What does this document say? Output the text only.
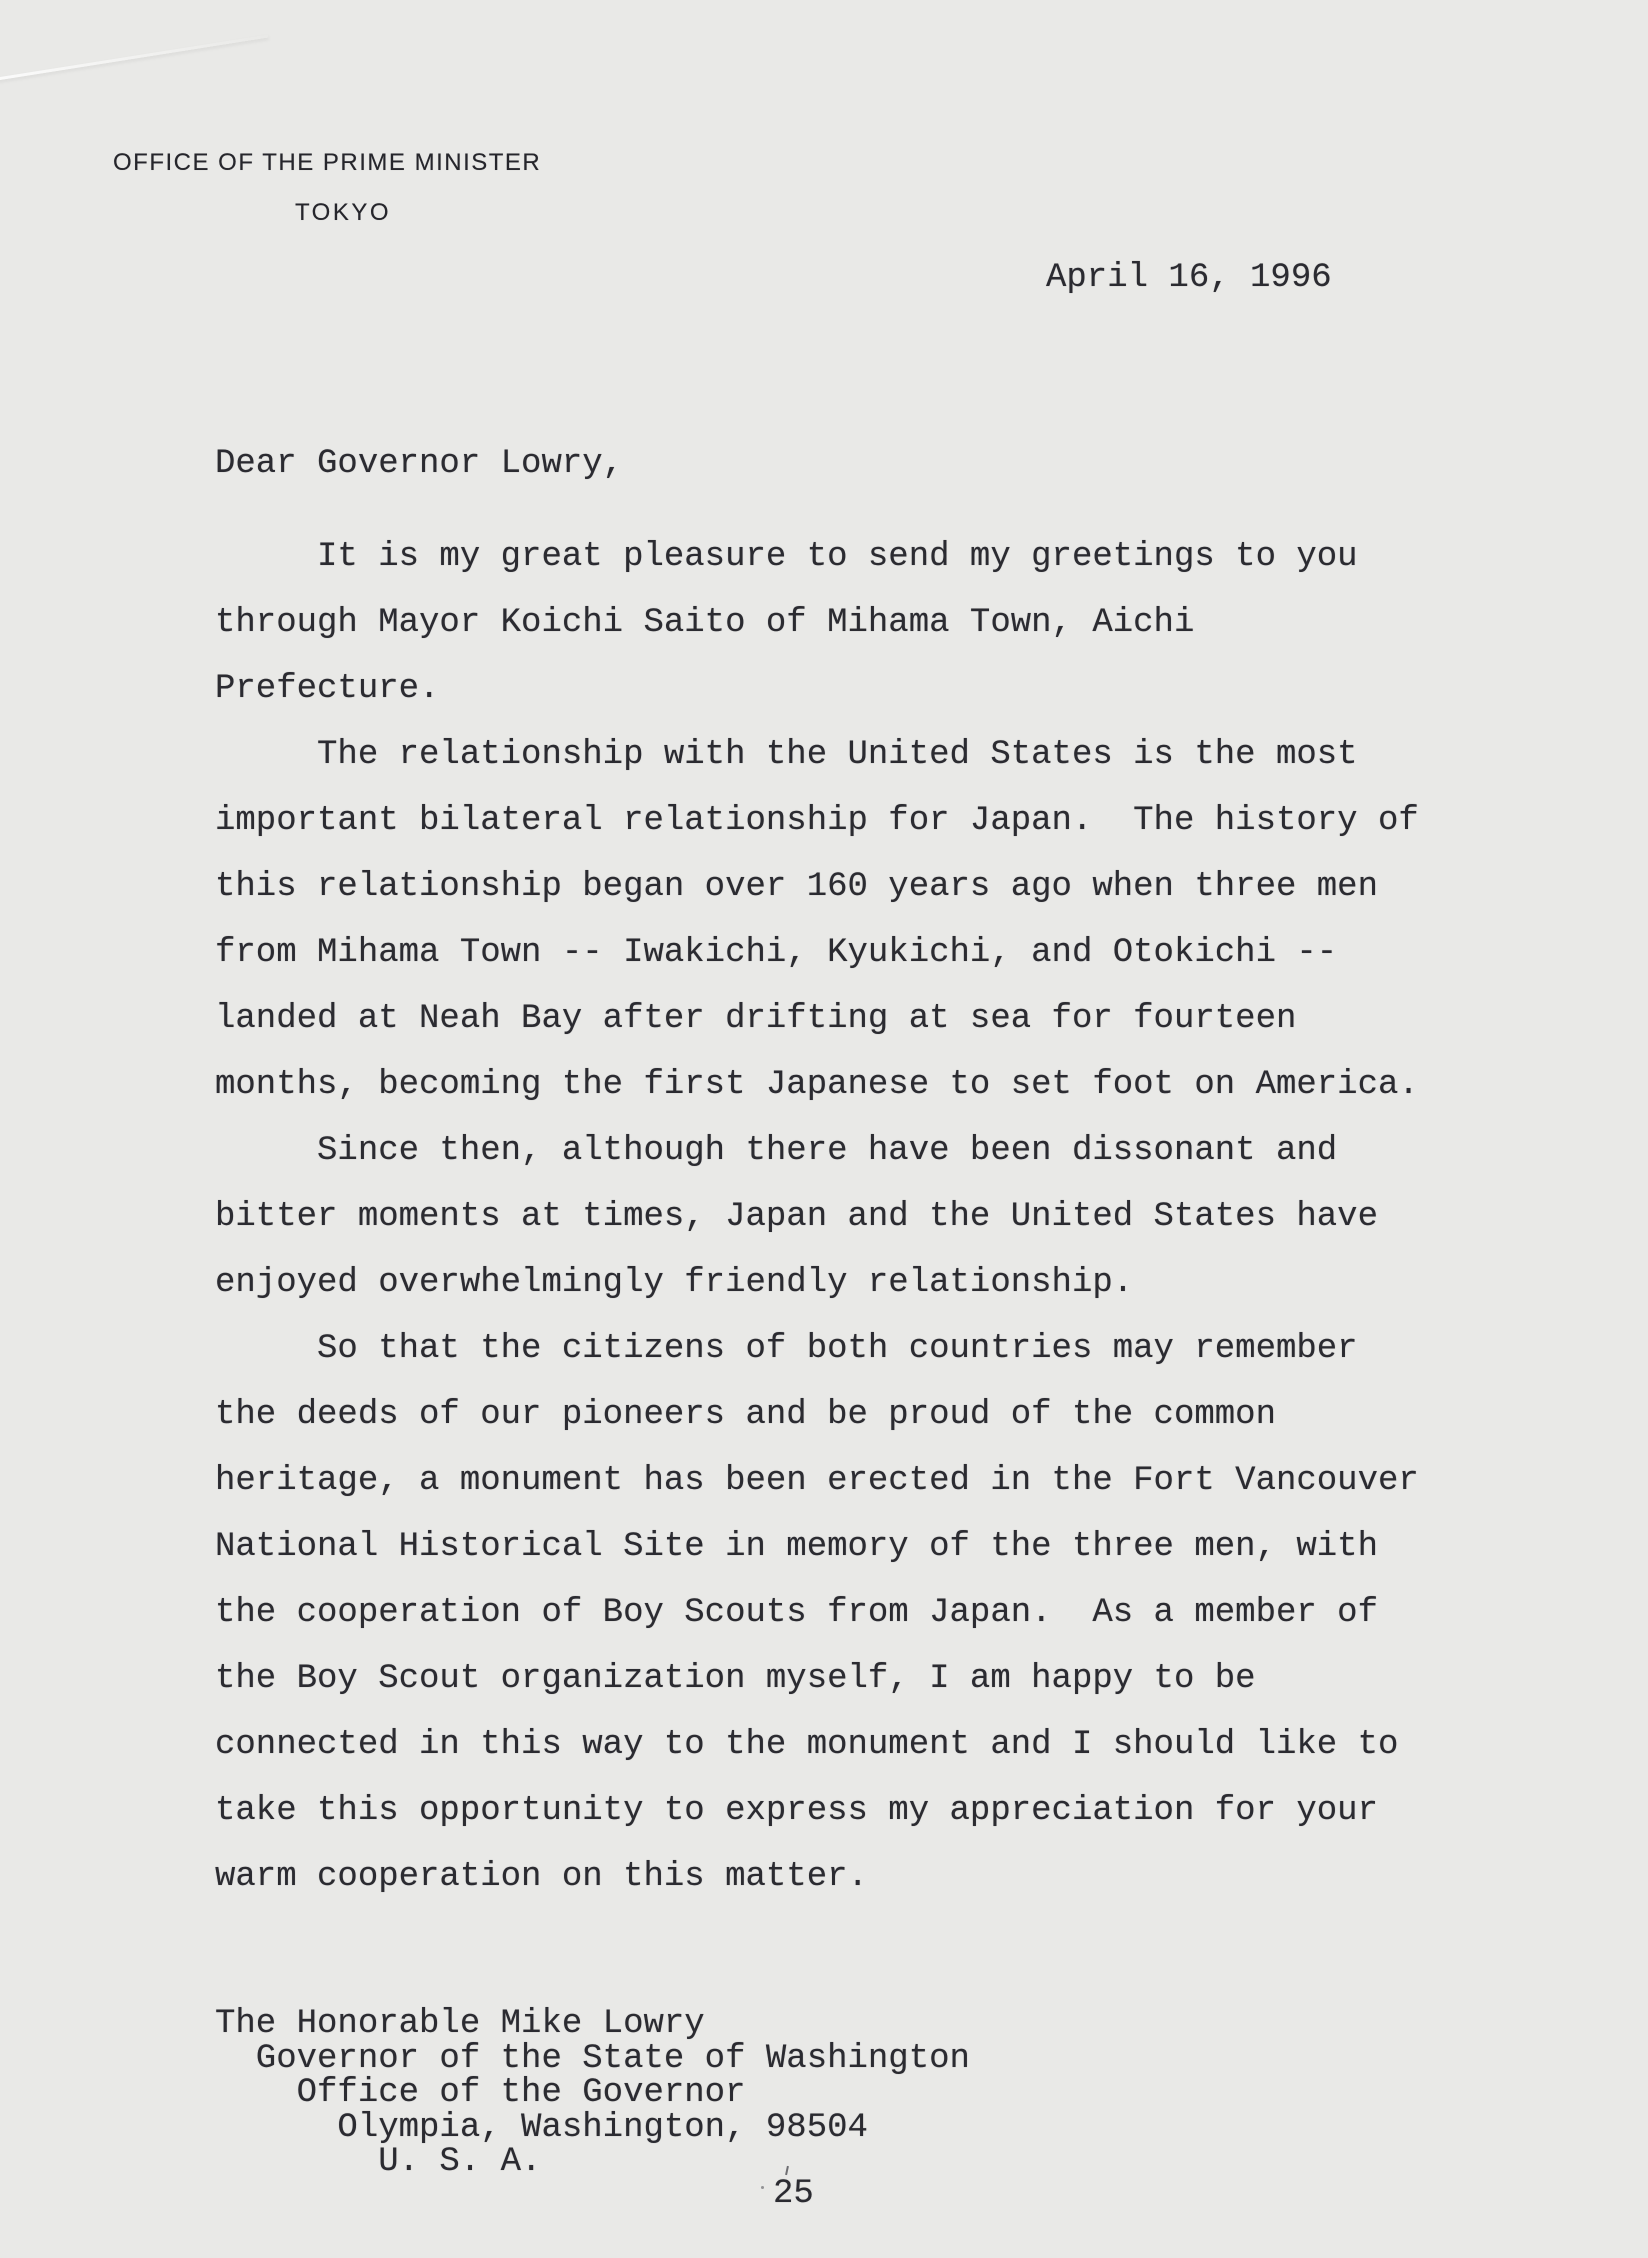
OFFICE OF THE PRIME MINISTER
TOKYO
April 16, 1996
Dear Governor Lowry,
It is my great pleasure to send my greetings to you
through Mayor Koichi Saito of Mihama Town, Aichi
Prefecture.
The relationship with the United States is the most
important bilateral relationship for Japan.  The history of
this relationship began over 160 years ago when three men
from Mihama Town -- Iwakichi, Kyukichi, and Otokichi --
landed at Neah Bay after drifting at sea for fourteen
months, becoming the first Japanese to set foot on America.
Since then, although there have been dissonant and
bitter moments at times, Japan and the United States have
enjoyed overwhelmingly friendly relationship.
So that the citizens of both countries may remember
the deeds of our pioneers and be proud of the common
heritage, a monument has been erected in the Fort Vancouver
National Historical Site in memory of the three men, with
the cooperation of Boy Scouts from Japan.  As a member of
the Boy Scout organization myself, I am happy to be
connected in this way to the monument and I should like to
take this opportunity to express my appreciation for your
warm cooperation on this matter.
The Honorable Mike Lowry
Governor of the State of Washington
Office of the Governor
Olympia, Washington, 98504
U. S. A.
25
